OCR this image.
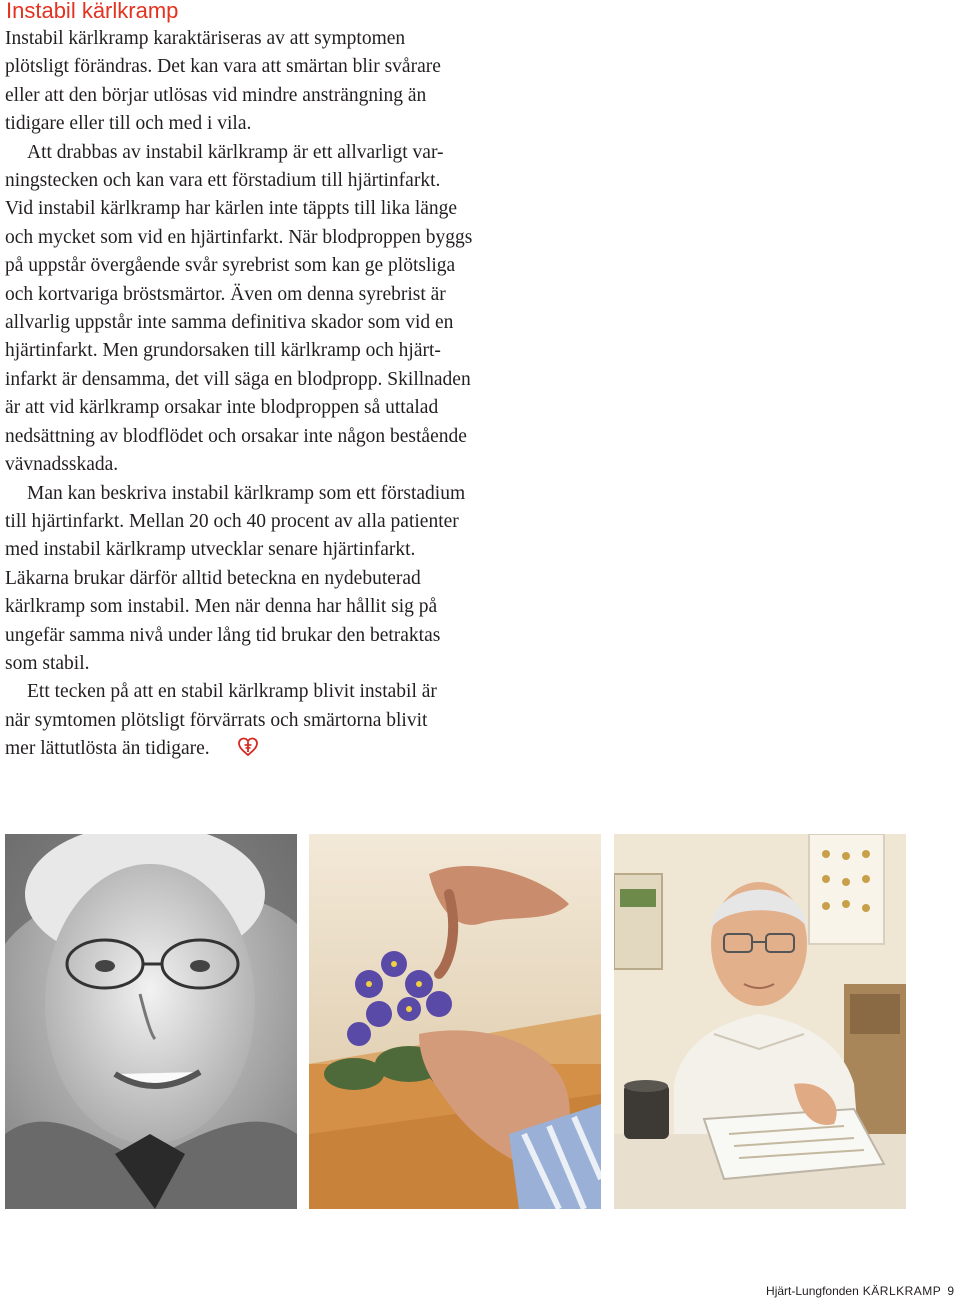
Instabil kärlkramp

Instabil kärlkramp karaktäriseras av att symptomen
plötsligt förändras. Det kan vara att smärtan blir svårare
eller att den börjar utlösas vid mindre ansträngning än
tidigare eller till och med i vila.

Att drabbas av instabil kärlkramp är ett allvarligt var-
ningstecken och kan vara ett förstadium till hjärtinfarkt.
Vid instabil kärlkramp har kärlen inte täppts till lika länge
och mycket som vid en hjärtinfarkt. När blodproppen byggs
på uppstår övergående svår syrebrist som kan ge plötsliga
och kortvariga bröstsmärtor. Även om denna syrebrist är
allvarlig uppstår inte samma definitiva skador som vid en
hjärtinfarkt. Men grundorsaken till kärlkramp och hjärt-
infarkt är densamma, det vill säga en blodpropp. Skillnaden
är att vid kärlkramp orsakar inte blodproppen så uttalad
nedsättning av blodflödet och orsakar inte någon bestående
vävnadsskada.

Man kan beskriva instabil kärlkramp som ett förstadium
till hjärtinfarkt. Mellan 20 och 40 procent av alla patienter
med instabil kärlkramp utvecklar senare hjärtinfarkt.
Läkarna brukar därför alltid beteckna en nydebuterad
kärlkramp som instabil. Men när denna har hållit sig på
ungefär samma nivå under lång tid brukar den betraktas
som stabil.

Ett tecken på att en stabil kärlkramp blivit instabil är
när symtomen plötsligt förvärrats och smärtorna blivit
mer lättutlösta än tidigare.

Hjärt-Lungfonden KÄRLKRAMP 9
